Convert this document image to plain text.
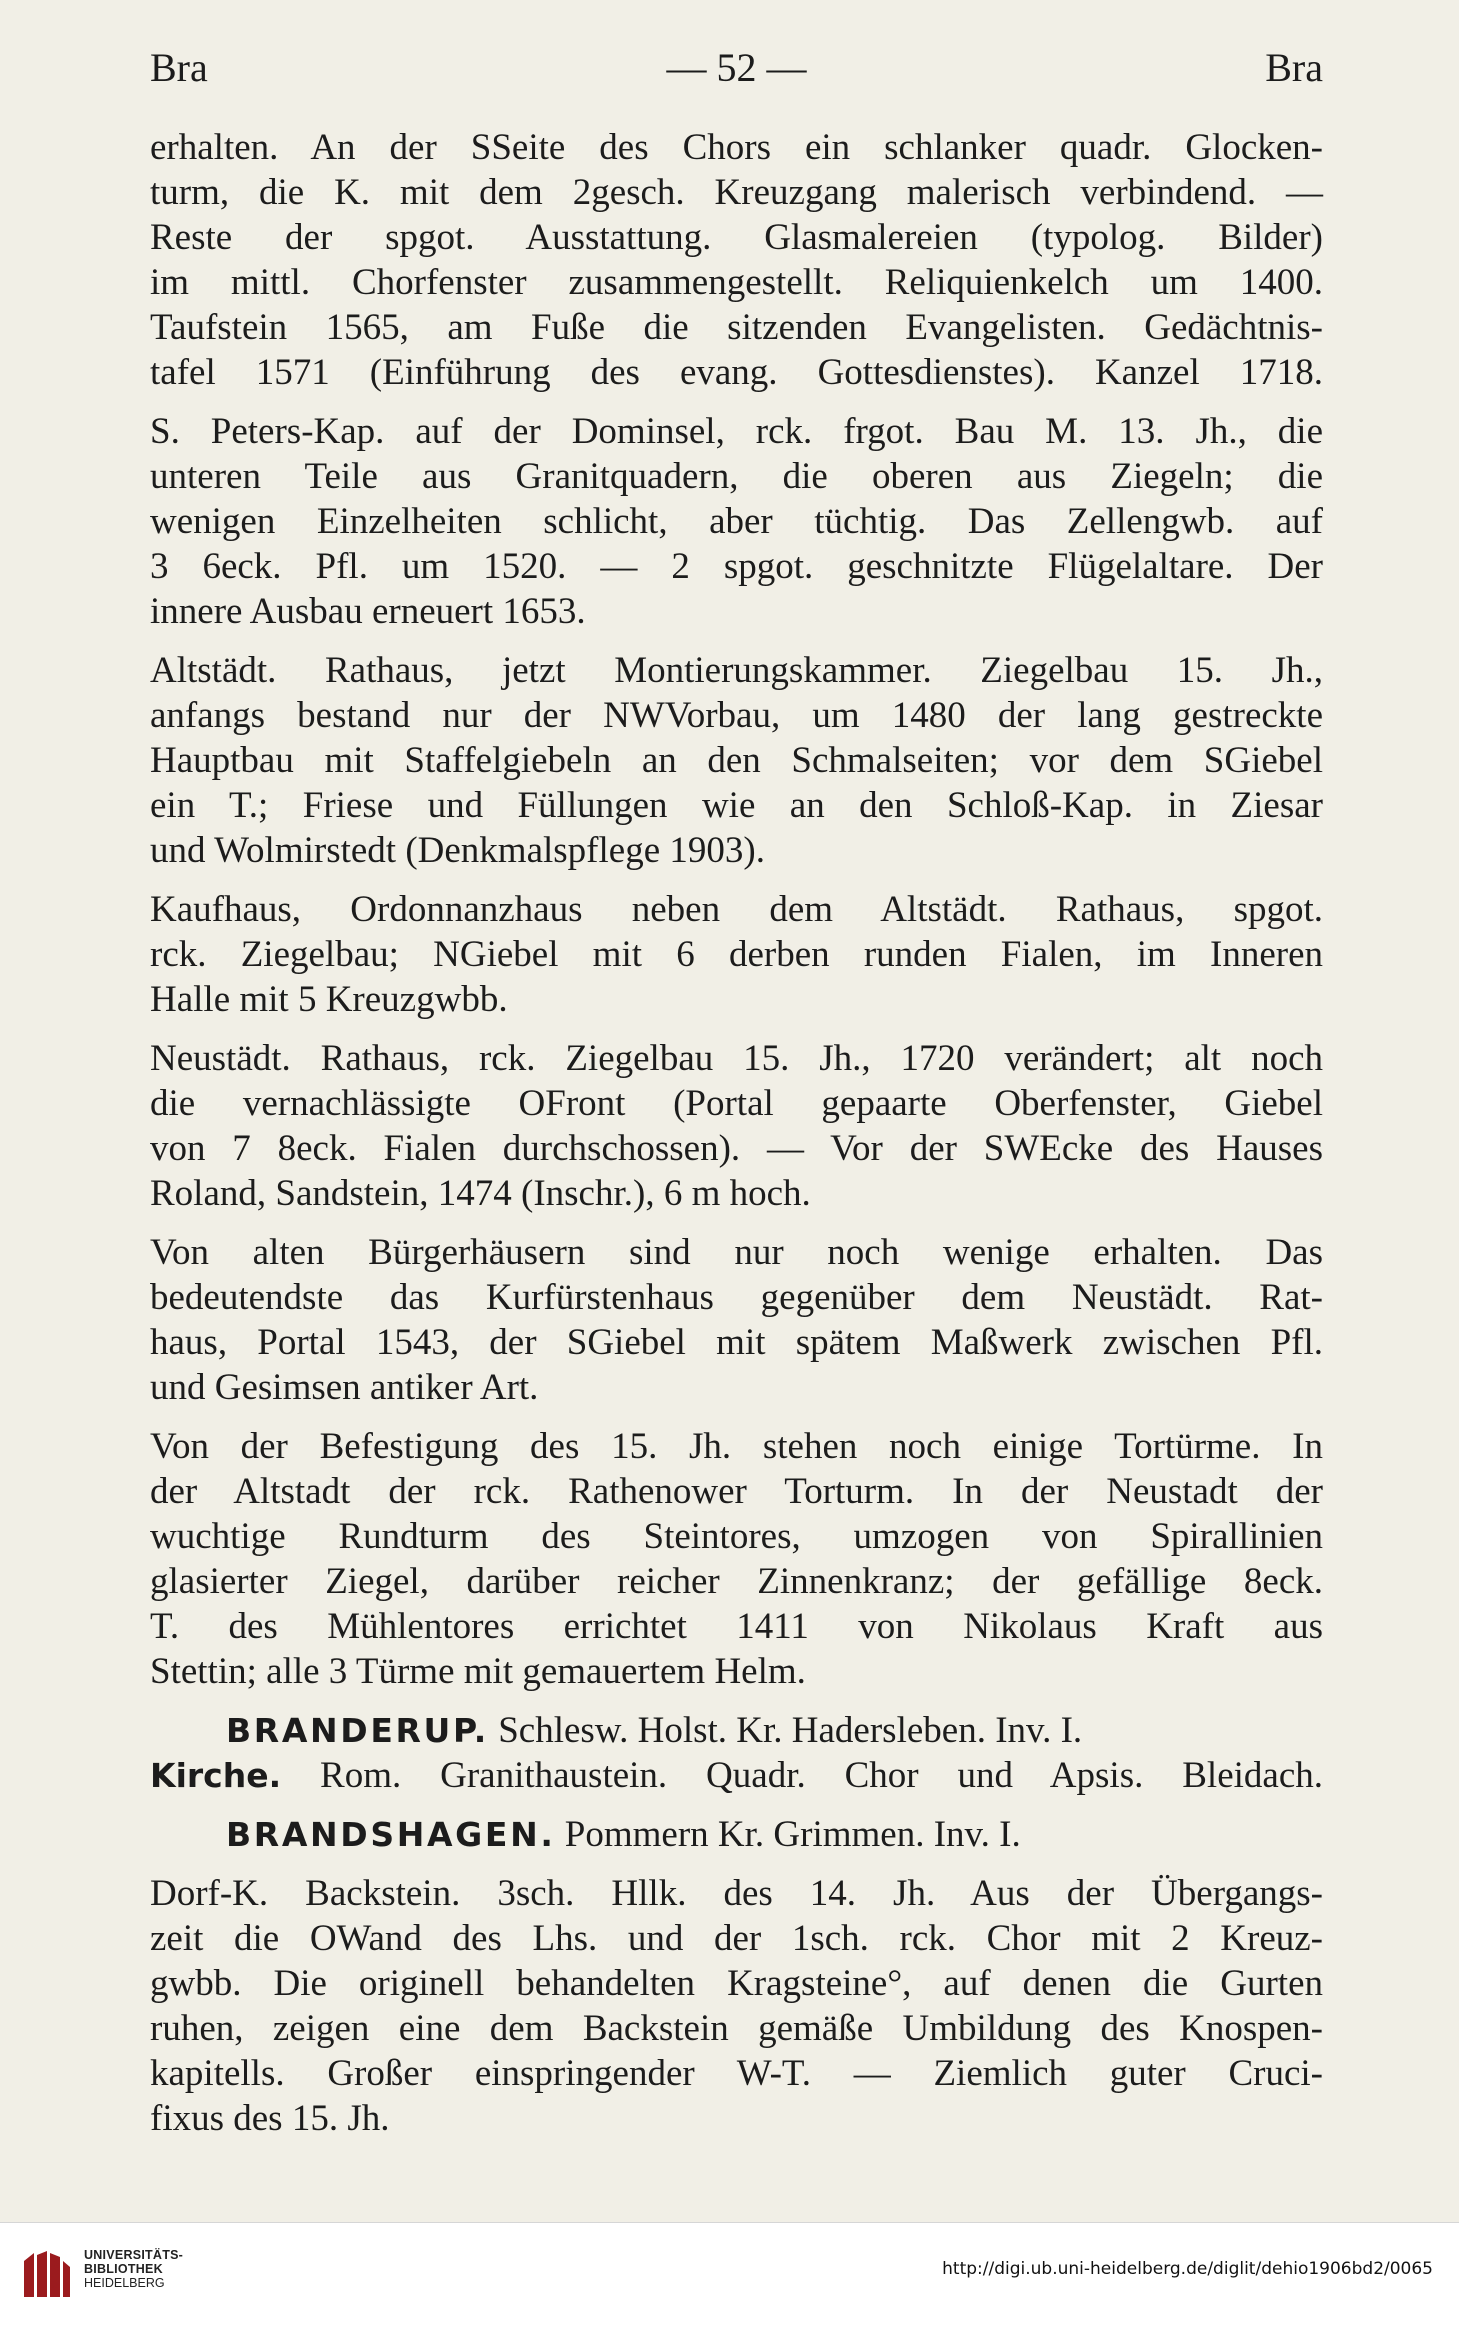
Bra	— 52 —	Bra
erhalten. An der SSeite des Chors ein schlanker quadr. Glocken-
turm, die K. mit dem 2gesch. Kreuzgang malerisch verbindend. —
Reste der spgot. Ausstattung. Glasmalereien (typolog. Bilder)
im mittl. Chorfenster zusammengestellt. Reliquienkelch um 1400.
Taufstein 1565, am Fuße die sitzenden Evangelisten. Gedächtnis-
tafel 1571 (Einführung des evang. Gottesdienstes). Kanzel 1718.
S. Peters-Kap. auf der Dominsel, rck. frgot. Bau M. 13. Jh., die
unteren Teile aus Granitquadern, die oberen aus Ziegeln; die
wenigen Einzelheiten schlicht, aber tüchtig. Das Zellengwb. auf
3 6eck. Pfl. um 1520. — 2 spgot. geschnitzte Flügelaltare. Der
innere Ausbau erneuert 1653.
Altstädt. Rathaus, jetzt Montierungskammer. Ziegelbau 15. Jh.,
anfangs bestand nur der NWVorbau, um 1480 der lang gestreckte
Hauptbau mit Staffelgiebeln an den Schmalseiten; vor dem SGiebel
ein T.; Friese und Füllungen wie an den Schloß-Kap. in Ziesar
und Wolmirstedt (Denkmalspflege 1903).
Kaufhaus, Ordonnanzhaus neben dem Altstädt. Rathaus, spgot.
rck. Ziegelbau; NGiebel mit 6 derben runden Fialen, im Inneren
Halle mit 5 Kreuzgwbb.
Neustädt. Rathaus, rck. Ziegelbau 15. Jh., 1720 verändert; alt noch
die vernachlässigte OFront (Portal gepaarte Oberfenster, Giebel
von 7 8eck. Fialen durchschossen). — Vor der SWEcke des Hauses
Roland, Sandstein, 1474 (Inschr.), 6 m hoch.
Von alten Bürgerhäusern sind nur noch wenige erhalten. Das
bedeutendste das Kurfürstenhaus gegenüber dem Neustädt. Rat-
haus, Portal 1543, der SGiebel mit spätem Maßwerk zwischen Pfl.
und Gesimsen antiker Art.
Von der Befestigung des 15. Jh. stehen noch einige Tortürme. In
der Altstadt der rck. Rathenower Torturm. In der Neustadt der
wuchtige Rundturm des Steintores, umzogen von Spirallinien
glasierter Ziegel, darüber reicher Zinnenkranz; der gefällige 8eck.
T. des Mühlentores errichtet 1411 von Nikolaus Kraft aus
Stettin; alle 3 Türme mit gemauertem Helm.
BRANDERUP. Schlesw. Holst. Kr. Hadersleben. Inv. I.
Kirche. Rom. Granithaustein. Quadr. Chor und Apsis. Bleidach.
BRANDSHAGEN. Pommern Kr. Grimmen. Inv. I.
Dorf-K. Backstein. 3sch. Hllk. des 14. Jh. Aus der Übergangs-
zeit die OWand des Lhs. und der 1sch. rck. Chor mit 2 Kreuz-
gwbb. Die originell behandelten Kragsteine°, auf denen die Gurten
ruhen, zeigen eine dem Backstein gemäße Umbildung des Knospen-
kapitells. Großer einspringender W-T. — Ziemlich guter Cruci-
fixus des 15. Jh.
UNIVERSITÄTS-
BIBLIOTHEK
HEIDELBERG
http://digi.ub.uni-heidelberg.de/diglit/dehio1906bd2/0065
